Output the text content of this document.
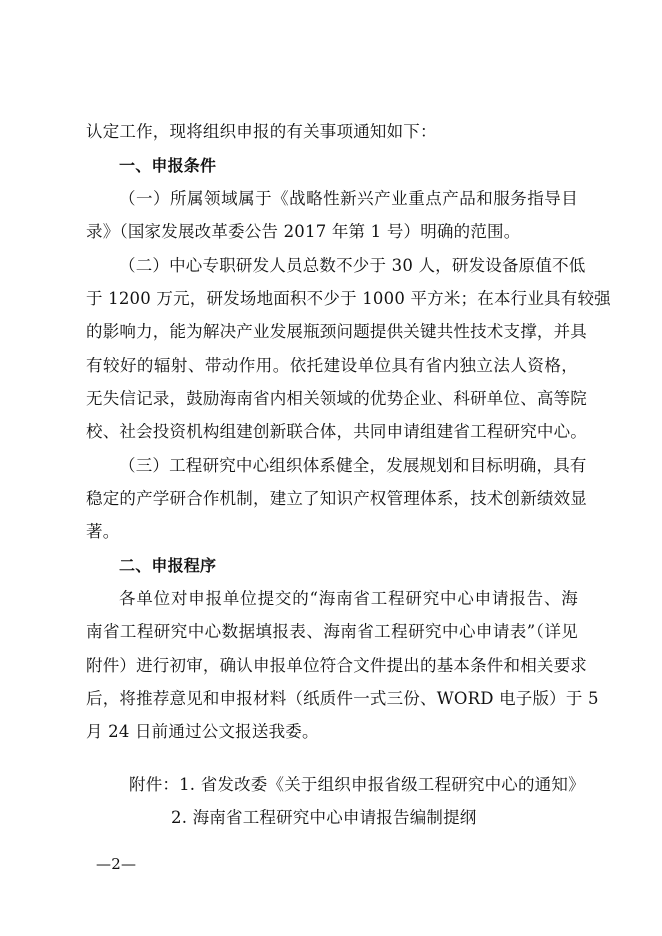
认定工作，现将组织申报的有关事项通知如下：
一、申报条件
（一）所属领域属于《战略性新兴产业重点产品和服务指导目
录》（国家发展改革委公告 2017 年第 1 号）明确的范围。
（二）中心专职研发人员总数不少于 30 人，研发设备原值不低
于 1200 万元，研发场地面积不少于 1000 平方米；在本行业具有较强
的影响力，能为解决产业发展瓶颈问题提供关键共性技术支撑，并具
有较好的辐射、带动作用。依托建设单位具有省内独立法人资格，
无失信记录，鼓励海南省内相关领域的优势企业、科研单位、高等院
校、社会投资机构组建创新联合体，共同申请组建省工程研究中心。
（三）工程研究中心组织体系健全，发展规划和目标明确，具有
稳定的产学研合作机制，建立了知识产权管理体系，技术创新绩效显
著。
二、申报程序
各单位对申报单位提交的“海南省工程研究中心申请报告、海
南省工程研究中心数据填报表、海南省工程研究中心申请表”（详见
附件）进行初审，确认申报单位符合文件提出的基本条件和相关要求
后，将推荐意见和申报材料（纸质件一式三份、WORD 电子版）于 5
月 24 日前通过公文报送我委。
附件：1. 省发改委《关于组织申报省级工程研究中心的通知》
2. 海南省工程研究中心申请报告编制提纲
—2—
